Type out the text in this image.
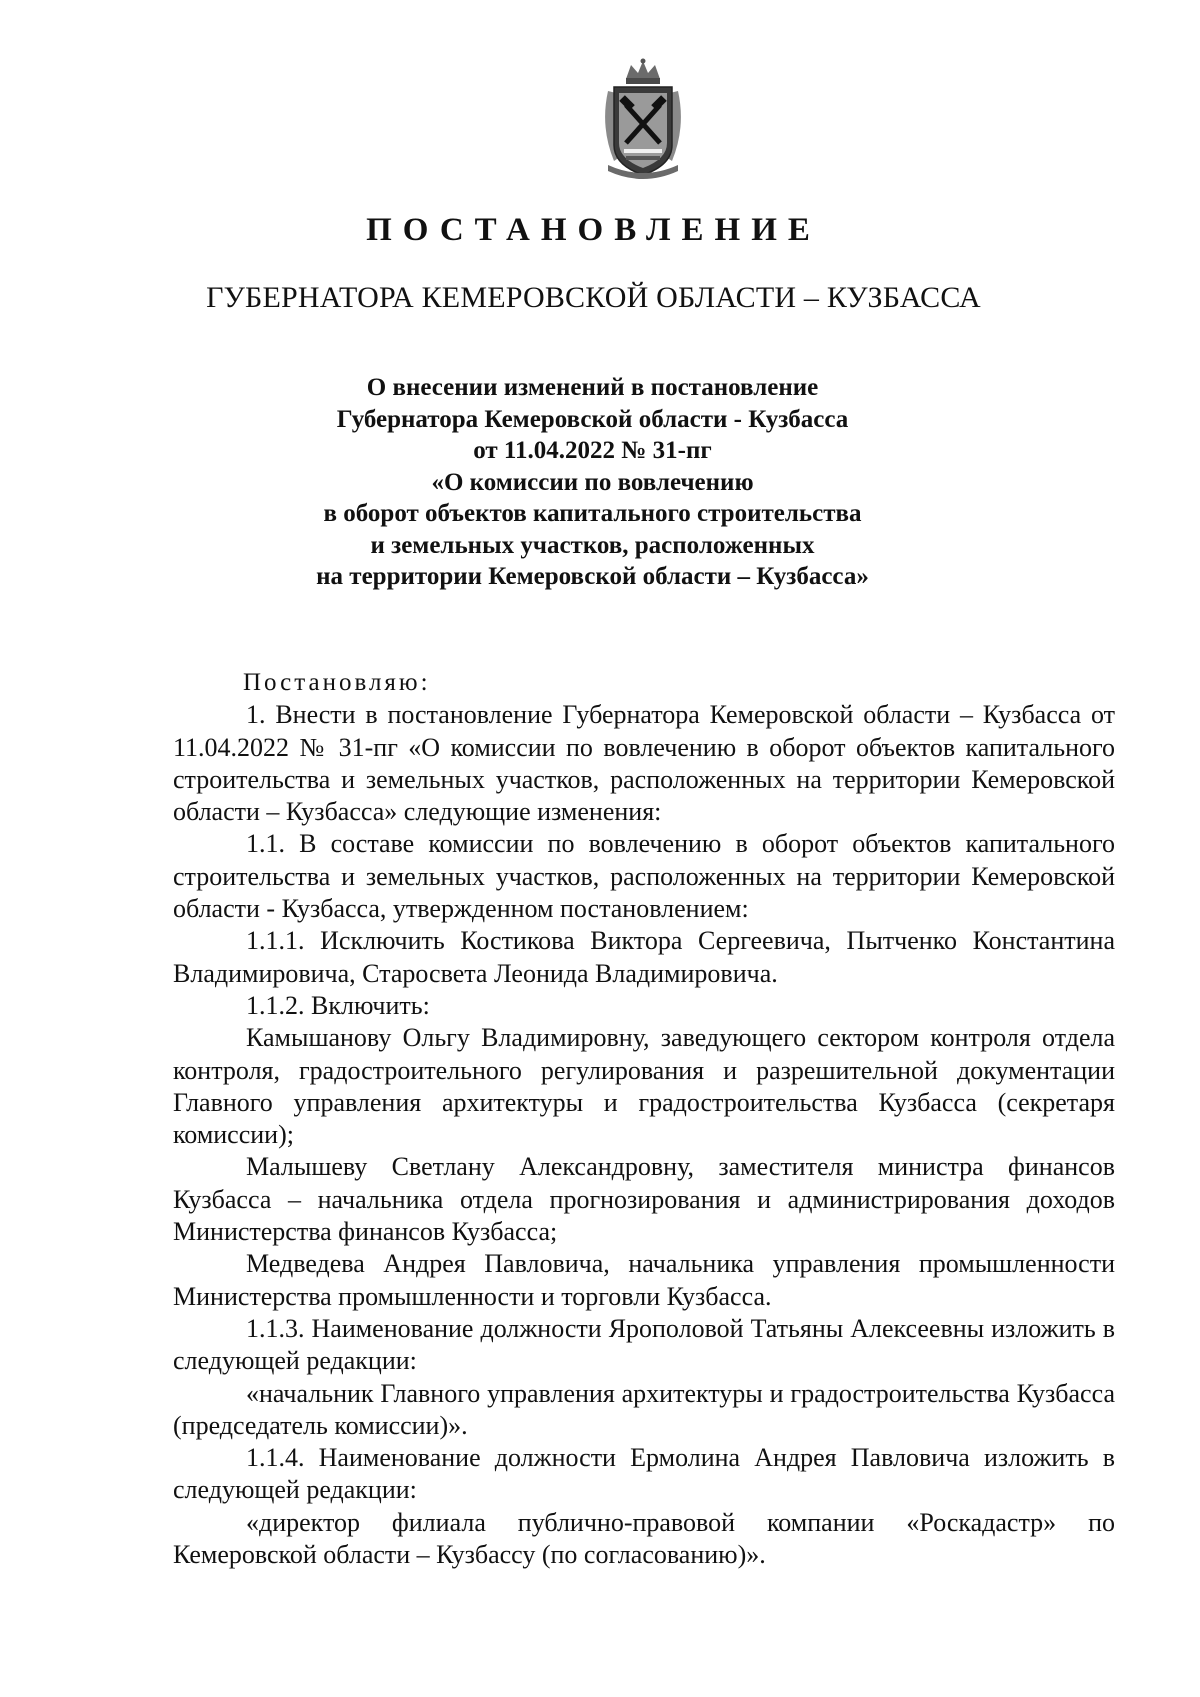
ПОСТАНОВЛЕНИЕ
ГУБЕРНАТОРА КЕМЕРОВСКОЙ ОБЛАСТИ – КУЗБАССА
О внесении изменений в постановление
Губернатора Кемеровской области - Кузбасса
от 11.04.2022 № 31-пг
«О комиссии по вовлечению
в оборот объектов капитального строительства
и земельных участков, расположенных
на территории Кемеровской области – Кузбасса»
Постановляю:

1. Внести в постановление Губернатора Кемеровской области – Кузбасса от 11.04.2022 № 31-пг «О комиссии по вовлечению в оборот объектов капитального строительства и земельных участков, расположенных на территории Кемеровской области – Кузбасса» следующие изменения:

1.1. В составе комиссии по вовлечению в оборот объектов капитального строительства и земельных участков, расположенных на территории Кемеровской области - Кузбасса, утвержденном постановлением:

1.1.1. Исключить Костикова Виктора Сергеевича, Пытченко Константина Владимировича, Старосвета Леонида Владимировича.

1.1.2. Включить:

Камышанову Ольгу Владимировну, заведующего сектором контроля отдела контроля, градостроительного регулирования и разрешительной документации Главного управления архитектуры и градостроительства Кузбасса (секретаря комиссии);

Малышеву Светлану Александровну, заместителя министра финансов Кузбасса – начальника отдела прогнозирования и администрирования доходов Министерства финансов Кузбасса;

Медведева Андрея Павловича, начальника управления промышленности Министерства промышленности и торговли Кузбасса.

1.1.3. Наименование должности Ярополовой Татьяны Алексеевны изложить в следующей редакции:

«начальник Главного управления архитектуры и градостроительства Кузбасса (председатель комиссии)».

1.1.4. Наименование должности Ермолина Андрея Павловича изложить в следующей редакции:

«директор филиала публично-правовой компании «Роскадастр» по Кемеровской области – Кузбассу (по согласованию)».
